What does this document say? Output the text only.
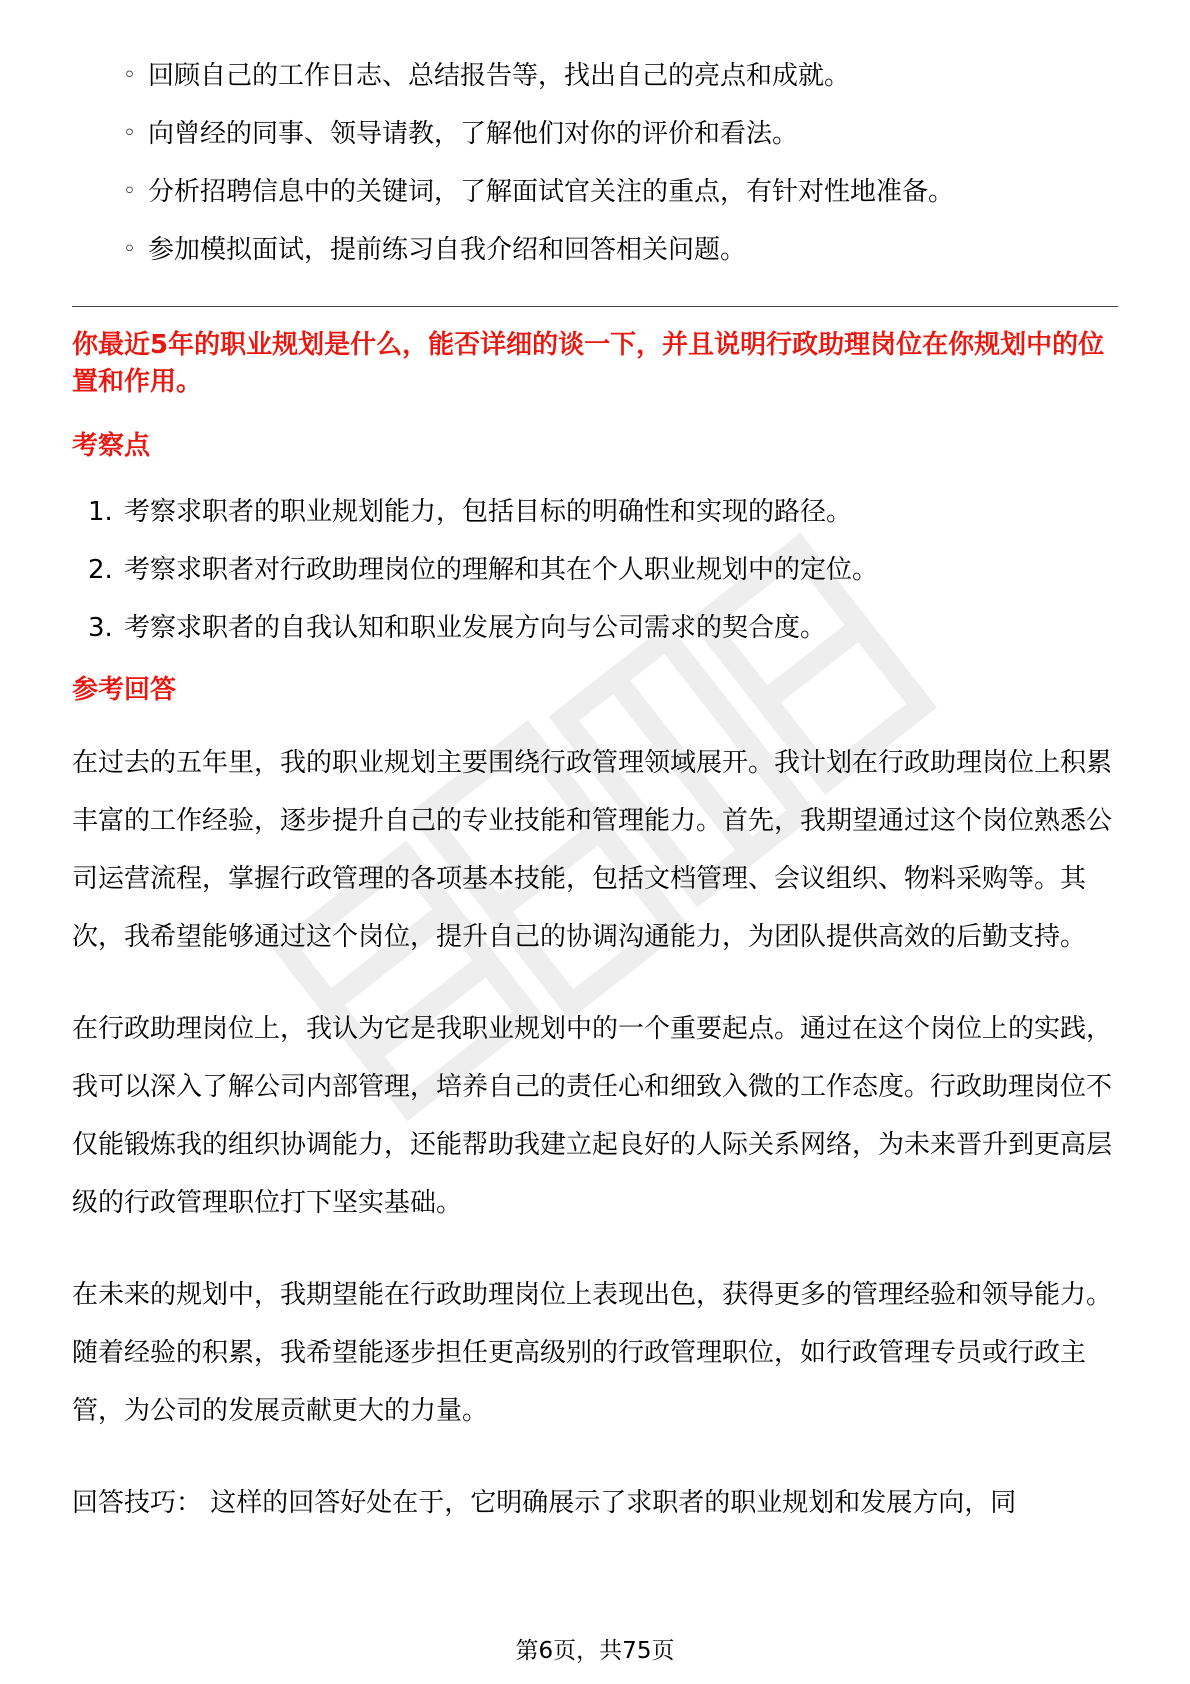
◦ 回顾自己的工作日志、总结报告等，找出自己的亮点和成就。
◦ 向曾经的同事、领导请教，了解他们对你的评价和看法。
◦ 分析招聘信息中的关键词，了解面试官关注的重点，有针对性地准备。
◦ 参加模拟面试，提前练习自我介绍和回答相关问题。
你最近5年的职业规划是什么，能否详细的谈一下，并且说明行政助理岗位在你规划中的位置和作用。
考察点
1. 考察求职者的职业规划能力，包括目标的明确性和实现的路径。
2. 考察求职者对行政助理岗位的理解和其在个人职业规划中的定位。
3. 考察求职者的自我认知和职业发展方向与公司需求的契合度。
参考回答

在过去的五年里，我的职业规划主要围绕行政管理领域展开。我计划在行政助理岗位上积累丰富的工作经验，逐步提升自己的专业技能和管理能力。首先，我期望通过这个岗位熟悉公司运营流程，掌握行政管理的各项基本技能，包括文档管理、会议组织、物料采购等。其次，我希望能够通过这个岗位，提升自己的协调沟通能力，为团队提供高效的后勤支持。

在行政助理岗位上，我认为它是我职业规划中的一个重要起点。通过在这个岗位上的实践，我可以深入了解公司内部管理，培养自己的责任心和细致入微的工作态度。行政助理岗位不仅能锻炼我的组织协调能力，还能帮助我建立起良好的人际关系网络，为未来晋升到更高层级的行政管理职位打下坚实基础。

在未来的规划中，我期望能在行政助理岗位上表现出色，获得更多的管理经验和领导能力。随着经验的积累，我希望能逐步担任更高级别的行政管理职位，如行政管理专员或行政主管，为公司的发展贡献更大的力量。

回答技巧： 这样的回答好处在于，它明确展示了求职者的职业规划和发展方向，同

第6页，共75页
